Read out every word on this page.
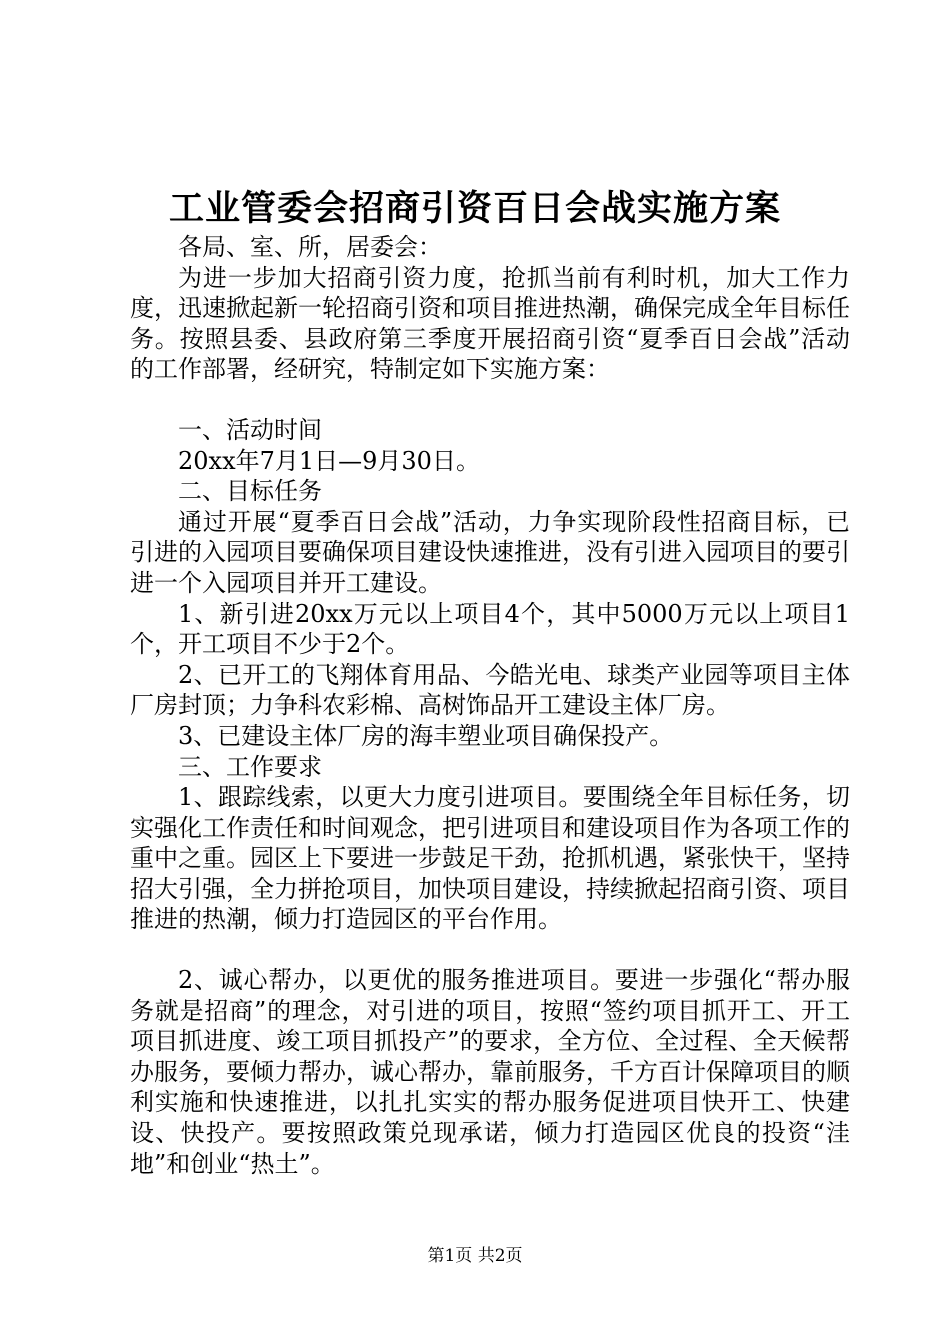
工业管委会招商引资百日会战实施方案

各局、室、所，居委会：

为进一步加大招商引资力度，抢抓当前有利时机，加大工作力度，迅速掀起新一轮招商引资和项目推进热潮，确保完成全年目标任务。按照县委、县政府第三季度开展招商引资“夏季百日会战”活动的工作部署，经研究，特制定如下实施方案：

一、活动时间

20xx年7月1日—9月30日。

二、目标任务

通过开展“夏季百日会战”活动，力争实现阶段性招商目标，已引进的入园项目要确保项目建设快速推进，没有引进入园项目的要引进一个入园项目并开工建设。

1、新引进20xx万元以上项目4个，其中5000万元以上项目1个，开工项目不少于2个。

2、已开工的飞翔体育用品、今皓光电、球类产业园等项目主体厂房封顶；力争科农彩棉、高树饰品开工建设主体厂房。

3、已建设主体厂房的海丰塑业项目确保投产。

三、工作要求

1、跟踪线索，以更大力度引进项目。要围绕全年目标任务，切实强化工作责任和时间观念，把引进项目和建设项目作为各项工作的重中之重。园区上下要进一步鼓足干劲，抢抓机遇，紧张快干，坚持招大引强，全力拼抢项目，加快项目建设，持续掀起招商引资、项目推进的热潮，倾力打造园区的平台作用。

2、诚心帮办，以更优的服务推进项目。要进一步强化“帮办服务就是招商”的理念，对引进的项目，按照“签约项目抓开工、开工项目抓进度、竣工项目抓投产”的要求，全方位、全过程、全天候帮办服务，要倾力帮办，诚心帮办，靠前服务，千方百计保障项目的顺利实施和快速推进，以扎扎实实的帮办服务促进项目快开工、快建设、快投产。要按照政策兑现承诺，倾力打造园区优良的投资“洼地”和创业“热土”。

第1页 共2页
